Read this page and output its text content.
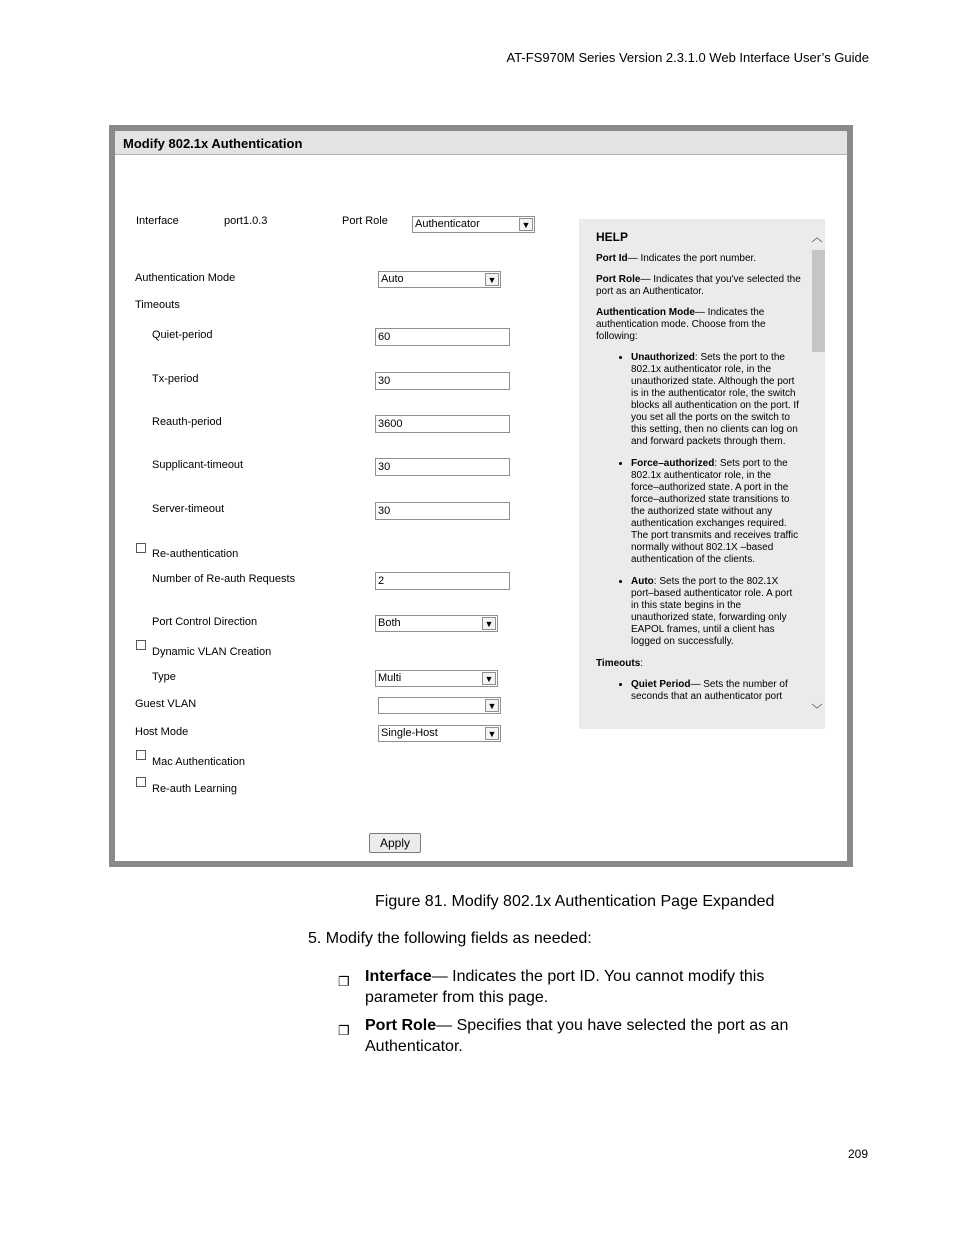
AT-FS970M Series Version 2.3.1.0 Web Interface User’s Guide
Modify 802.1x Authentication
Interface	port1.0.3	Port Role Authenticator	▼
Authentication Mode	Auto	▼
Timeouts
Quiet-period	60
Tx-period	30
Reauth-period	3600
Supplicant-timeout	30
Server-timeout	30
Re-authentication
Number of Re-auth Requests	2
Port Control Direction	Both	▼
Dynamic VLAN Creation
Type	Multi	▼
Guest VLAN	▼
Host Mode	Single-Host	▼
Mac Authentication
Re-auth Learning
Apply
HELP

Port Id— Indicates the port number.

Port Role— Indicates that you've selected the port as an Authenticator.

Authentication Mode— Indicates the authentication mode. Choose from the following:

• Unauthorized: Sets the port to the 802.1x authenticator role, in the unauthorized state. Although the port is in the authenticator role, the switch blocks all authentication on the port. If you set all the ports on the switch to this setting, then no clients can log on and forward packets through them.
• Force–authorized: Sets port to the 802.1x authenticator role, in the force–authorized state. A port in the force–authorized state transitions to the authorized state without any authentication exchanges required. The port transmits and receives traffic normally without 802.1X –based authentication of the clients.
• Auto: Sets the port to the 802.1X port–based authenticator role. A port in this state begins in the unauthorized state, forwarding only EAPOL frames, until a client has logged on successfully.

Timeouts:

• Quiet Period— Sets the number of seconds that an authenticator port
︿
﹀
Figure 81. Modify 802.1x Authentication Page Expanded
5. Modify the following fields as needed:
❐ Interface— Indicates the port ID. You cannot modify this parameter from this page.
❐ Port Role— Specifies that you have selected the port as an Authenticator.
209
